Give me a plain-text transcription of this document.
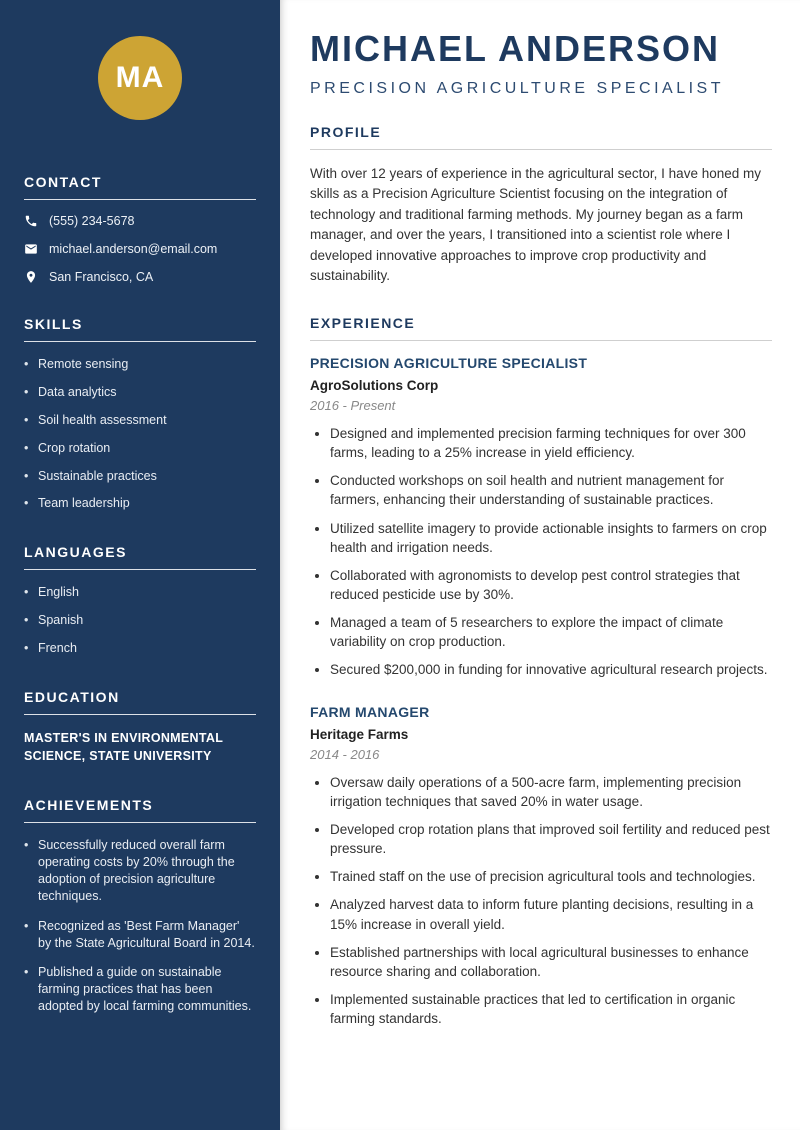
MA
CONTACT
(555) 234-5678
michael.anderson@email.com
San Francisco, CA
SKILLS
• Remote sensing
• Data analytics
• Soil health assessment
• Crop rotation
• Sustainable practices
• Team leadership
LANGUAGES
• English
• Spanish
• French
EDUCATION
MASTER'S IN ENVIRONMENTAL SCIENCE, STATE UNIVERSITY
ACHIEVEMENTS
• Successfully reduced overall farm operating costs by 20% through the adoption of precision agriculture techniques.
• Recognized as 'Best Farm Manager' by the State Agricultural Board in 2014.
• Published a guide on sustainable farming practices that has been adopted by local farming communities.
MICHAEL ANDERSON
PRECISION AGRICULTURE SPECIALIST
PROFILE

With over 12 years of experience in the agricultural sector, I have honed my skills as a Precision Agriculture Scientist focusing on the integration of technology and traditional farming methods. My journey began as a farm manager, and over the years, I transitioned into a scientist role where I developed innovative approaches to improve crop productivity and sustainability.

EXPERIENCE
PRECISION AGRICULTURE SPECIALIST
AgroSolutions Corp
2016 - Present
• Designed and implemented precision farming techniques for over 300 farms, leading to a 25% increase in yield efficiency.
• Conducted workshops on soil health and nutrient management for farmers, enhancing their understanding of sustainable practices.
• Utilized satellite imagery to provide actionable insights to farmers on crop health and irrigation needs.
• Collaborated with agronomists to develop pest control strategies that reduced pesticide use by 30%.
• Managed a team of 5 researchers to explore the impact of climate variability on crop production.
• Secured $200,000 in funding for innovative agricultural research projects.
FARM MANAGER
Heritage Farms
2014 - 2016
• Oversaw daily operations of a 500-acre farm, implementing precision irrigation techniques that saved 20% in water usage.
• Developed crop rotation plans that improved soil fertility and reduced pest pressure.
• Trained staff on the use of precision agricultural tools and technologies.
• Analyzed harvest data to inform future planting decisions, resulting in a 15% increase in overall yield.
• Established partnerships with local agricultural businesses to enhance resource sharing and collaboration.
• Implemented sustainable practices that led to certification in organic farming standards.
